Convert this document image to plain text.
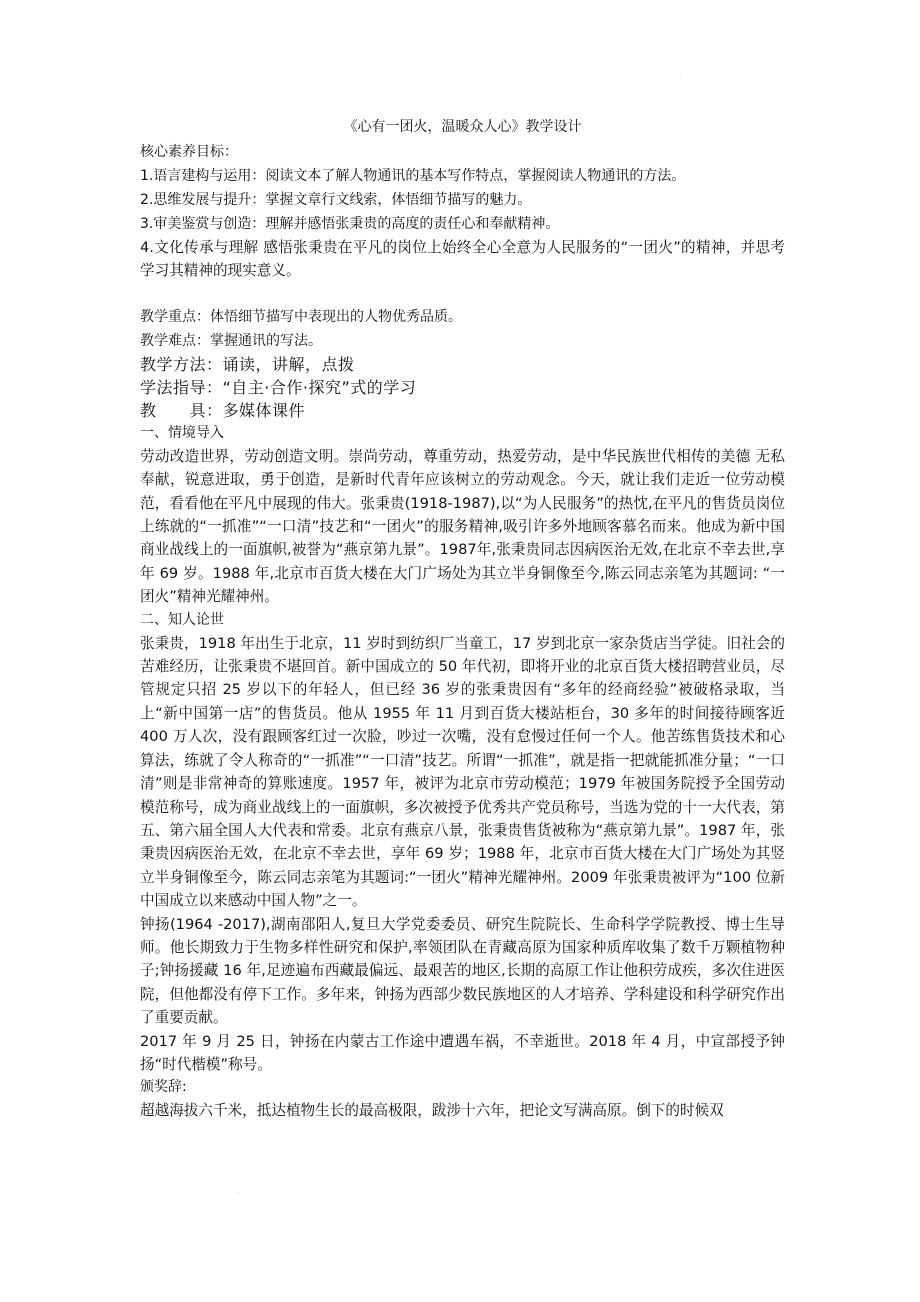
·
·

《心有一团火，温暖众人心》教学设计

核心素养目标：

1.语言建构与运用：阅读文本了解人物通讯的基本写作特点，掌握阅读人物通讯的方法。

2.思维发展与提升：掌握文章行文线索，体悟细节描写的魅力。

3.审美鉴赏与创造：理解并感悟张秉贵的高度的责任心和奉献精神。

4.文化传承与理解 感悟张秉贵在平凡的岗位上始终全心全意为人民服务的“一团火”的精神，并思考学习其精神的现实意义。

教学重点：体悟细节描写中表现出的人物优秀品质。

教学难点：掌握通讯的写法。

教学方法：诵读，讲解，点拨

学法指导：“自主·合作·探究”式的学习

教　　具：多媒体课件

一、情境导入

劳动改造世界，劳动创造文明。崇尚劳动，尊重劳动，热爱劳动，是中华民族世代相传的美德 无私奉献，锐意进取，勇于创造，是新时代青年应该树立的劳动观念。今天，就让我们走近一位劳动模范，看看他在平凡中展现的伟大。张秉贵(1918-1987),以“为人民服务”的热忱,在平凡的售货员岗位上练就的“一抓准”“一口清”技艺和“一团火”的服务精神,吸引许多外地顾客慕名而来。他成为新中国商业战线上的一面旗帜,被誉为“燕京第九景”。1987年,张秉贵同志因病医治无效,在北京不幸去世,享年 69 岁。1988 年,北京市百货大楼在大门广场处为其立半身铜像至今,陈云同志亲笔为其题词: “一团火”精神光耀神州。

二、知人论世

张秉贵，1918 年出生于北京，11 岁时到纺织厂当童工，17 岁到北京一家杂货店当学徒。旧社会的苦难经历，让张秉贵不堪回首。新中国成立的 50 年代初，即将开业的北京百货大楼招聘营业员，尽管规定只招 25 岁以下的年轻人，但已经 36 岁的张秉贵因有“多年的经商经验”被破格录取，当上“新中国第一店”的售货员。他从 1955 年 11 月到百货大楼站柜台，30 多年的时间接待顾客近 400 万人次，没有跟顾客红过一次脸，吵过一次嘴，没有怠慢过任何一个人。他苦练售货技术和心算法，练就了令人称奇的“一抓准”“一口清”技艺。所谓“一抓准”，就是指一把就能抓准分量；“一口清”则是非常神奇的算账速度。1957 年，被评为北京市劳动模范；1979 年被国务院授予全国劳动模范称号，成为商业战线上的一面旗帜，多次被授予优秀共产党员称号，当选为党的十一大代表，第五、第六届全国人大代表和常委。北京有燕京八景，张秉贵售货被称为“燕京第九景”。1987 年，张秉贵因病医治无效，在北京不幸去世，享年 69 岁；1988 年，北京市百货大楼在大门广场处为其竖立半身铜像至今，陈云同志亲笔为其题词:“一团火”精神光耀神州。2009 年张秉贵被评为“100 位新中国成立以来感动中国人物”之一。

钟扬(1964 -2017),湖南邵阳人,复旦大学党委委员、研究生院院长、生命科学学院教授、博士生导师。他长期致力于生物多样性研究和保护,率领团队在青藏高原为国家种质库收集了数千万颗植物种子;钟扬援藏 16 年,足迹遍布西藏最偏远、最艰苦的地区,长期的高原工作让他积劳成疾，多次住进医院，但他都没有停下工作。多年来，钟扬为西部少数民族地区的人才培养、学科建设和科学研究作出了重要贡献。

2017 年 9 月 25 日，钟扬在内蒙古工作途中遭遇车祸，不幸逝世。2018 年 4 月，中宣部授予钟扬“时代楷模”称号。

颁奖辞:

超越海拔六千米，抵达植物生长的最高极限，跋涉十六年，把论文写满高原。倒下的时候双
